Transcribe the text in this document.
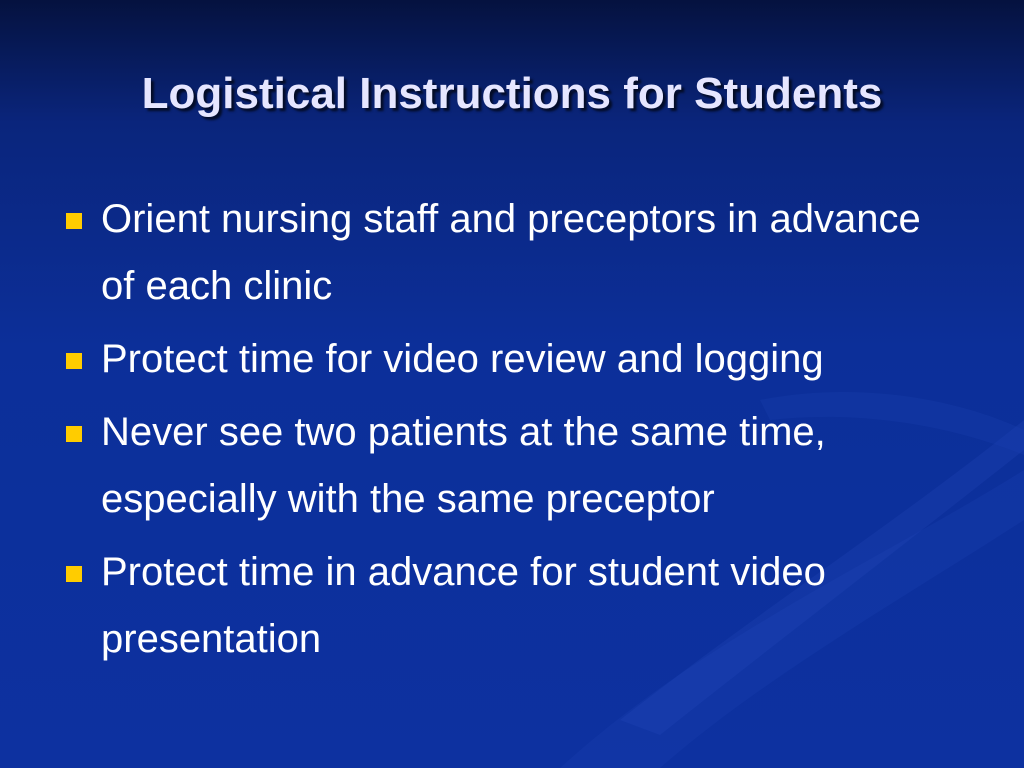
Logistical Instructions for Students
Orient nursing staff and preceptors in advance of each clinic
Protect time for video review and logging
Never see two patients at the same time, especially with the same preceptor
Protect time in advance for student video presentation
